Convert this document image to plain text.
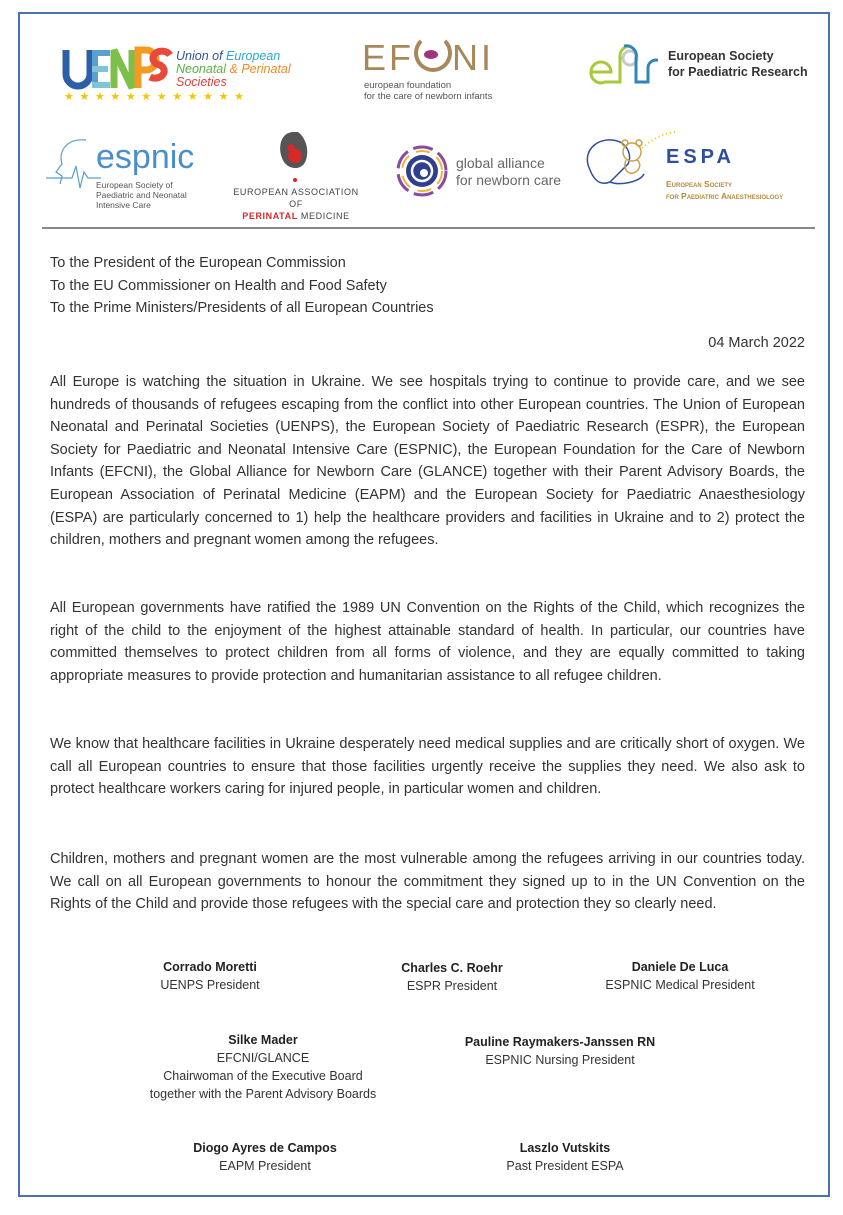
Union of European
Neonatal & Perinatal
Societies
★★★★★★★★★★★★
EF NI
european foundation
for the care of newborn infants
European Society
for Paediatric Research
espnic
European Society of
Paediatric and Neonatal
Intensive Care
EUROPEAN ASSOCIATION OF
PERINATAL MEDICINE
global alliance
for newborn care
ESPA
European Society
for Paediatric Anaesthesiology
To the President of the European Commission
To the EU Commissioner on Health and Food Safety
To the Prime Ministers/Presidents of all European Countries
04 March 2022

All Europe is watching the situation in Ukraine. We see hospitals trying to continue to provide care, and we see hundreds of thousands of refugees escaping from the conflict into other European countries. The Union of European Neonatal and Perinatal Societies (UENPS), the European Society of Paediatric Research (ESPR), the European Society for Paediatric and Neonatal Intensive Care (ESPNIC), the European Foundation for the Care of Newborn Infants (EFCNI), the Global Alliance for Newborn Care (GLANCE) together with their Parent Advisory Boards, the European Association of Perinatal Medicine (EAPM) and the European Society for Paediatric Anaesthesiology (ESPA) are particularly concerned to 1) help the healthcare providers and facilities in Ukraine and to 2) protect the children, mothers and pregnant women among the refugees.

All European governments have ratified the 1989 UN Convention on the Rights of the Child, which recognizes the right of the child to the enjoyment of the highest attainable standard of health. In particular, our countries have committed themselves to protect children from all forms of violence, and they are equally committed to taking appropriate measures to provide protection and humanitarian assistance to all refugee children.

We know that healthcare facilities in Ukraine desperately need medical supplies and are critically short of oxygen. We call all European countries to ensure that those facilities urgently receive the supplies they need. We also ask to protect healthcare workers caring for injured people, in particular women and children.

Children, mothers and pregnant women are the most vulnerable among the refugees arriving in our countries today. We call on all European governments to honour the commitment they signed up to in the UN Convention on the Rights of the Child and provide those refugees with the special care and protection they so clearly need.

Corrado Moretti
UENPS President
Charles C. Roehr
ESPR President
Daniele De Luca
ESPNIC Medical President
Silke Mader
EFCNI/GLANCE
Chairwoman of the Executive Board
together with the Parent Advisory Boards
Pauline Raymakers-Janssen RN
ESPNIC Nursing President
Diogo Ayres de Campos
EAPM President
Laszlo Vutskits
Past President ESPA
